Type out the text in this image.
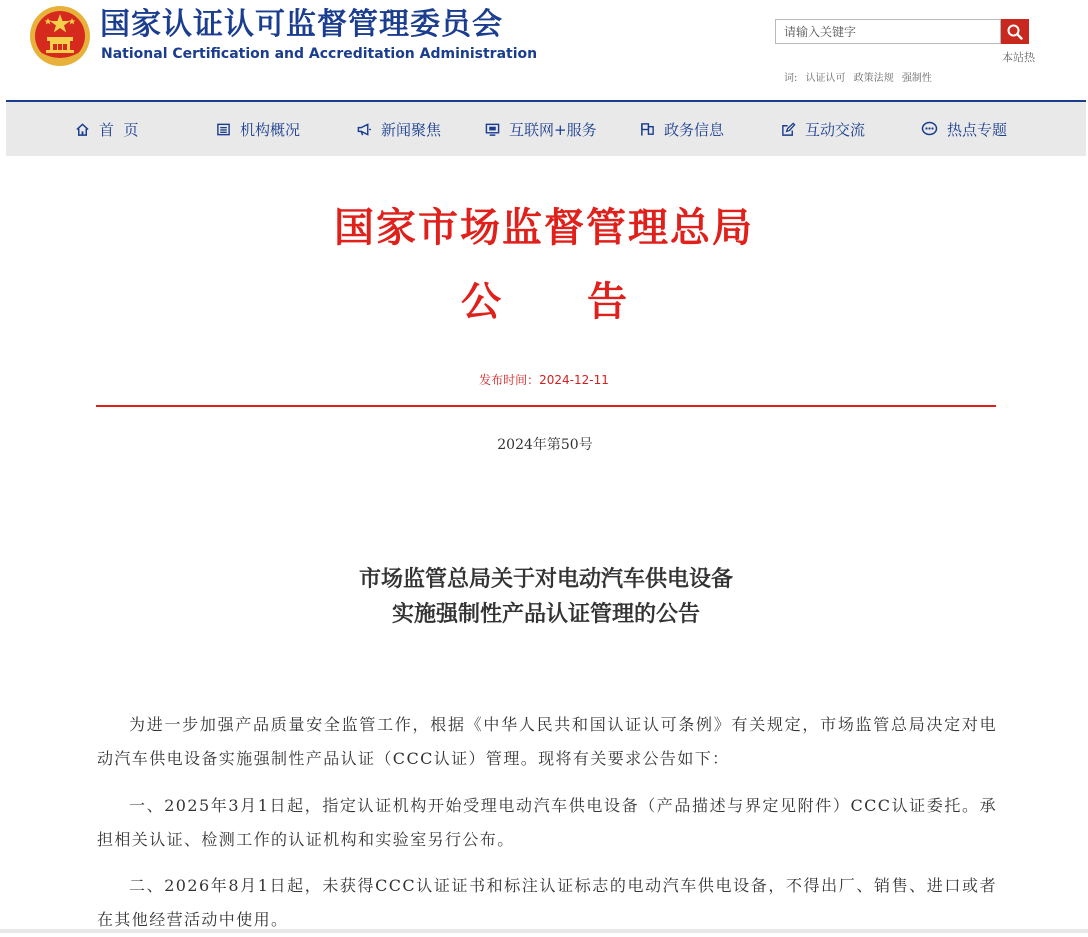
国家认证认可监督管理委员会
National Certification and Accreditation Administration
请输入关键字	本站热
词: 认证认可 政策法规 强制性
首  页	机构概况	新闻聚焦	互联网+服务	政务信息	互动交流	热点专题
国家市场监督管理总局
公 告
发布时间：2024-12-11
2024年第50号
市场监管总局关于对电动汽车供电设备
实施强制性产品认证管理的公告

为进一步加强产品质量安全监管工作，根据《中华人民共和国认证认可条例》有关规定，市场监管总局决定对电动汽车供电设备实施强制性产品认证（CCC认证）管理。现将有关要求公告如下：

一、2025年3月1日起，指定认证机构开始受理电动汽车供电设备（产品描述与界定见附件）CCC认证委托。承担相关认证、检测工作的认证机构和实验室另行公布。

二、2026年8月1日起，未获得CCC认证证书和标注认证标志的电动汽车供电设备，不得出厂、销售、进口或者在其他经营活动中使用。
